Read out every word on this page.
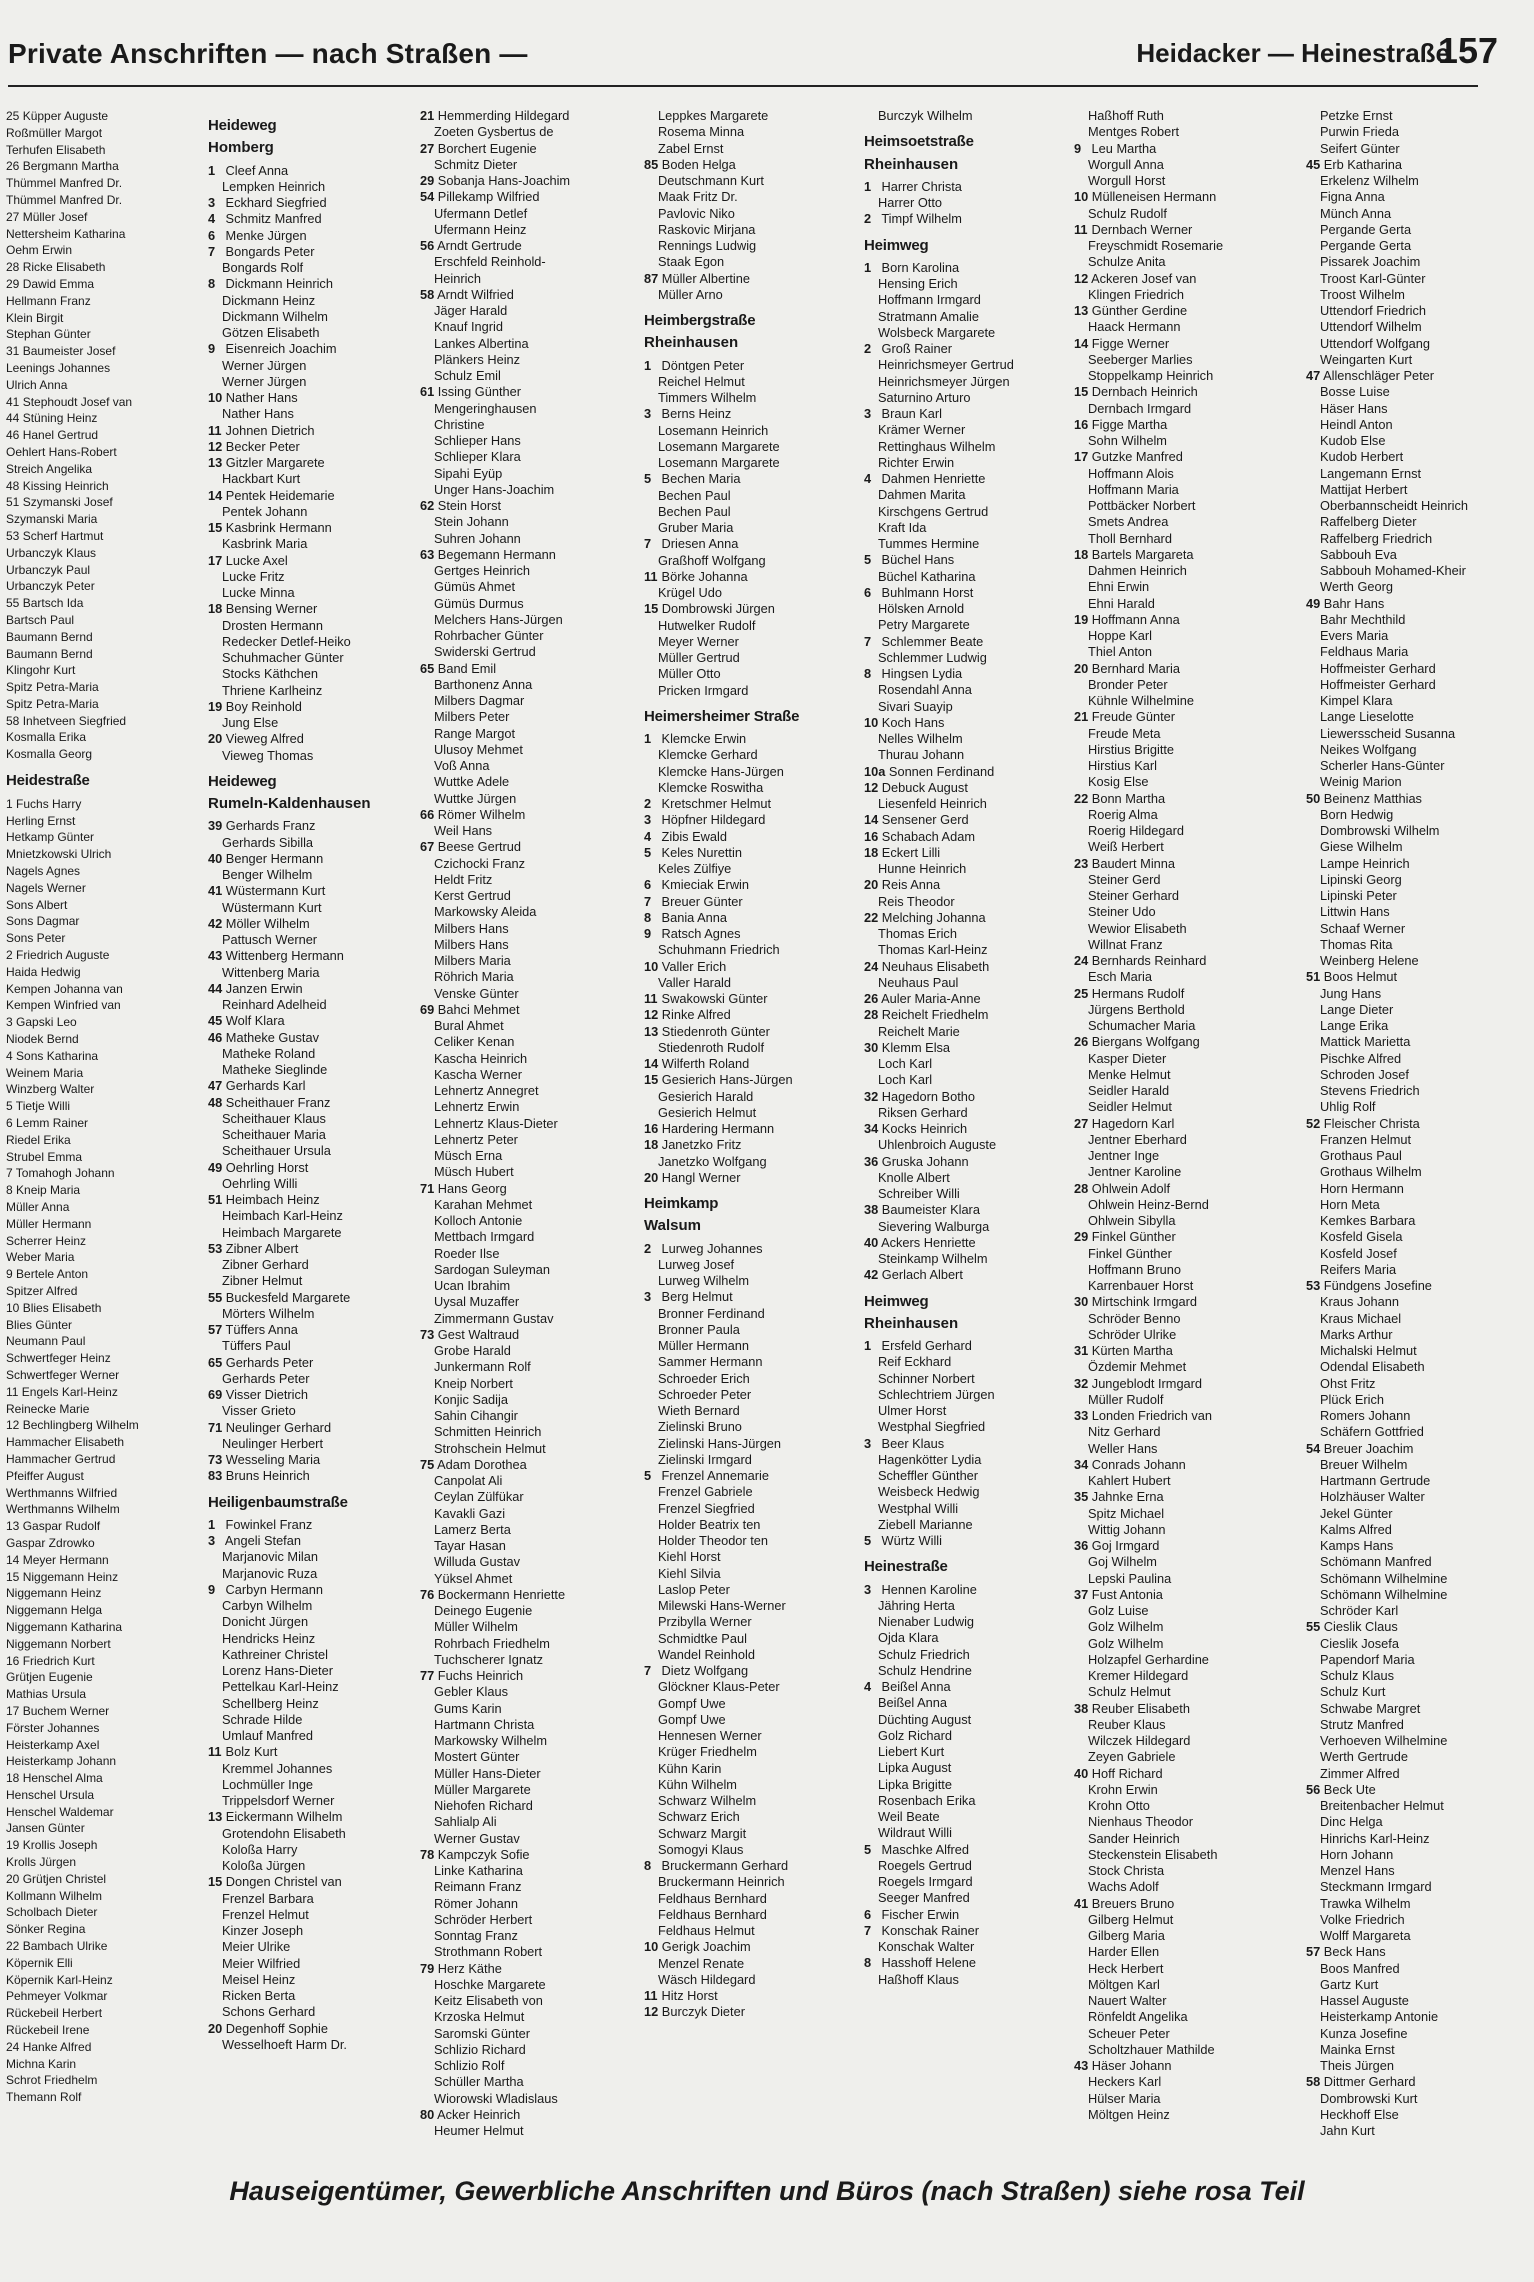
Private Anschriften — nach Straßen —	Heidacker — Heinestraße
157
25 Küpper Auguste
Roßmüller Margot
Terhufen Elisabeth
26 Bergmann Martha
Thümmel Manfred Dr.
Thümmel Manfred Dr.
27 Müller Josef
Nettersheim Katharina
Oehm Erwin
28 Ricke Elisabeth
29 Dawid Emma
Hellmann Franz
Klein Birgit
Stephan Günter
31 Baumeister Josef
Leenings Johannes
Ulrich Anna
41 Stephoudt Josef van
44 Stüning Heinz
46 Hanel Gertrud
Oehlert Hans-Robert
Streich Angelika
48 Kissing Heinrich
51 Szymanski Josef
Szymanski Maria
53 Scherf Hartmut
Urbanczyk Klaus
Urbanczyk Paul
Urbanczyk Peter
55 Bartsch Ida
Bartsch Paul
Baumann Bernd
Baumann Bernd
Klingohr Kurt
Spitz Petra-Maria
Spitz Petra-Maria
58 Inhetveen Siegfried
Kosmalla Erika
Kosmalla Georg
Heidestraße
1 Fuchs Harry
Herling Ernst
Hetkamp Günter
Mnietzkowski Ulrich
Nagels Agnes
Nagels Werner
Sons Albert
Sons Dagmar
Sons Peter
2 Friedrich Auguste
Haida Hedwig
Kempen Johanna van
Kempen Winfried van
3 Gapski Leo
Niodek Bernd
4 Sons Katharina
Weinem Maria
Winzberg Walter
5 Tietje Willi
6 Lemm Rainer
Riedel Erika
Strubel Emma
7 Tomahogh Johann
8 Kneip Maria
Müller Anna
Müller Hermann
Scherrer Heinz
Weber Maria
9 Bertele Anton
Spitzer Alfred
10 Blies Elisabeth
Blies Günter
Neumann Paul
Schwertfeger Heinz
Schwertfeger Werner
11 Engels Karl-Heinz
Reinecke Marie
12 Bechlingberg Wilhelm
Hammacher Elisabeth
Hammacher Gertrud
Pfeiffer August
Werthmanns Wilfried
Werthmanns Wilhelm
13 Gaspar Rudolf
Gaspar Zdrowko
14 Meyer Hermann
15 Niggemann Heinz
Niggemann Heinz
Niggemann Helga
Niggemann Katharina
Niggemann Norbert
16 Friedrich Kurt
Grütjen Eugenie
Mathias Ursula
17 Buchem Werner
Förster Johannes
Heisterkamp Axel
Heisterkamp Johann
18 Henschel Alma
Henschel Ursula
Henschel Waldemar
Jansen Günter
19 Krollis Joseph
Krolls Jürgen
20 Grütjen Christel
Kollmann Wilhelm
Scholbach Dieter
Sönker Regina
22 Bambach Ulrike
Köpernik Elli
Köpernik Karl-Heinz
Pehmeyer Volkmar
Rückebeil Herbert
Rückebeil Irene
24 Hanke Alfred
Michna Karin
Schrot Friedhelm
Themann Rolf
Heideweg
Homberg
1 Cleef Anna
Lempken Heinrich
3 Eckhard Siegfried
4 Schmitz Manfred
6 Menke Jürgen
7 Bongards Peter
Bongards Rolf
8 Dickmann Heinrich
Dickmann Heinz
Dickmann Wilhelm
Götzen Elisabeth
9 Eisenreich Joachim
Werner Jürgen
Werner Jürgen
10 Nather Hans
Nather Hans
11 Johnen Dietrich
12 Becker Peter
13 Gitzler Margarete
Hackbart Kurt
14 Pentek Heidemarie
Pentek Johann
15 Kasbrink Hermann
Kasbrink Maria
17 Lucke Axel
Lucke Fritz
Lucke Minna
18 Bensing Werner
Drosten Hermann
Redecker Detlef-Heiko
Schuhmacher Günter
Stocks Käthchen
Thriene Karlheinz
19 Boy Reinhold
Jung Else
20 Vieweg Alfred
Vieweg Thomas
Heideweg
Rumeln-Kaldenhausen
39 Gerhards Franz
Gerhards Sibilla
40 Benger Hermann
Benger Wilhelm
41 Wüstermann Kurt
Wüstermann Kurt
42 Möller Wilhelm
Pattusch Werner
43 Wittenberg Hermann
Wittenberg Maria
44 Janzen Erwin
Reinhard Adelheid
45 Wolf Klara
46 Matheke Gustav
Matheke Roland
Matheke Sieglinde
47 Gerhards Karl
48 Scheithauer Franz
Scheithauer Klaus
Scheithauer Maria
Scheithauer Ursula
49 Oehrling Horst
Oehrling Willi
51 Heimbach Heinz
Heimbach Karl-Heinz
Heimbach Margarete
53 Zibner Albert
Zibner Gerhard
Zibner Helmut
55 Buckesfeld Margarete
Mörters Wilhelm
57 Tüffers Anna
Tüffers Paul
65 Gerhards Peter
Gerhards Peter
69 Visser Dietrich
Visser Grieto
71 Neulinger Gerhard
Neulinger Herbert
73 Wesseling Maria
83 Bruns Heinrich
Heiligenbaumstraße
1 Fowinkel Franz
3 Angeli Stefan
Marjanovic Milan
Marjanovic Ruza
9 Carbyn Hermann
Carbyn Wilhelm
Donicht Jürgen
Hendricks Heinz
Kathreiner Christel
Lorenz Hans-Dieter
Pettelkau Karl-Heinz
Schellberg Heinz
Schrade Hilde
Umlauf Manfred
11 Bolz Kurt
Kremmel Johannes
Lochmüller Inge
Trippelsdorf Werner
13 Eickermann Wilhelm
Grotendohn Elisabeth
Koloßa Harry
Koloßa Jürgen
15 Dongen Christel van
Frenzel Barbara
Frenzel Helmut
Kinzer Joseph
Meier Ulrike
Meier Wilfried
Meisel Heinz
Ricken Berta
Schons Gerhard
20 Degenhoff Sophie
Wesselhoeft Harm Dr.
21 Hemmerding Hildegard
Zoeten Gysbertus de
27 Borchert Eugenie
Schmitz Dieter
29 Sobanja Hans-Joachim
54 Pillekamp Wilfried
Ufermann Detlef
Ufermann Heinz
56 Arndt Gertrude
Erschfeld Reinhold-
Heinrich
58 Arndt Wilfried
Jäger Harald
Knauf Ingrid
Lankes Albertina
Plänkers Heinz
Schulz Emil
61 Issing Günther
Mengeringhausen
Christine
Schlieper Hans
Schlieper Klara
Sipahi Eyüp
Unger Hans-Joachim
62 Stein Horst
Stein Johann
Suhren Johann
63 Begemann Hermann
Gertges Heinrich
Gümüs Ahmet
Gümüs Durmus
Melchers Hans-Jürgen
Rohrbacher Günter
Swiderski Gertrud
65 Band Emil
Barthonenz Anna
Milbers Dagmar
Milbers Peter
Range Margot
Ulusoy Mehmet
Voß Anna
Wuttke Adele
Wuttke Jürgen
66 Römer Wilhelm
Weil Hans
67 Beese Gertrud
Czichocki Franz
Heldt Fritz
Kerst Gertrud
Markowsky Aleida
Milbers Hans
Milbers Hans
Milbers Maria
Röhrich Maria
Venske Günter
69 Bahci Mehmet
Bural Ahmet
Celiker Kenan
Kascha Heinrich
Kascha Werner
Lehnertz Annegret
Lehnertz Erwin
Lehnertz Klaus-Dieter
Lehnertz Peter
Müsch Erna
Müsch Hubert
71 Hans Georg
Karahan Mehmet
Kolloch Antonie
Mettbach Irmgard
Roeder Ilse
Sardogan Suleyman
Ucan Ibrahim
Uysal Muzaffer
Zimmermann Gustav
73 Gest Waltraud
Grobe Harald
Junkermann Rolf
Kneip Norbert
Konjic Sadija
Sahin Cihangir
Schmitten Heinrich
Strohschein Helmut
75 Adam Dorothea
Canpolat Ali
Ceylan Zülfükar
Kavakli Gazi
Lamerz Berta
Tayar Hasan
Willuda Gustav
Yüksel Ahmet
76 Bockermann Henriette
Deinego Eugenie
Müller Wilhelm
Rohrbach Friedhelm
Tuchscherer Ignatz
77 Fuchs Heinrich
Gebler Klaus
Gums Karin
Hartmann Christa
Markowsky Wilhelm
Mostert Günter
Müller Hans-Dieter
Müller Margarete
Niehofen Richard
Sahlialp Ali
Werner Gustav
78 Kampczyk Sofie
Linke Katharina
Reimann Franz
Römer Johann
Schröder Herbert
Sonntag Franz
Strothmann Robert
79 Herz Käthe
Hoschke Margarete
Keitz Elisabeth von
Krzoska Helmut
Saromski Günter
Schlizio Richard
Schlizio Rolf
Schüller Martha
Wiorowski Wladislaus
80 Acker Heinrich
Heumer Helmut
Leppkes Margarete
Rosema Minna
Zabel Ernst
85 Boden Helga
Deutschmann Kurt
Maak Fritz Dr.
Pavlovic Niko
Raskovic Mirjana
Rennings Ludwig
Staak Egon
87 Müller Albertine
Müller Arno
Heimbergstraße
Rheinhausen
1 Döntgen Peter
Reichel Helmut
Timmers Wilhelm
3 Berns Heinz
Losemann Heinrich
Losemann Margarete
Losemann Margarete
5 Bechen Maria
Bechen Paul
Bechen Paul
Gruber Maria
7 Driesen Anna
Graßhoff Wolfgang
11 Börke Johanna
Krügel Udo
15 Dombrowski Jürgen
Hutwelker Rudolf
Meyer Werner
Müller Gertrud
Müller Otto
Pricken Irmgard
Heimersheimer Straße
1 Klemcke Erwin
Klemcke Gerhard
Klemcke Hans-Jürgen
Klemcke Roswitha
2 Kretschmer Helmut
3 Höpfner Hildegard
4 Zibis Ewald
5 Keles Nurettin
Keles Zülfiye
6 Kmieciak Erwin
7 Breuer Günter
8 Bania Anna
9 Ratsch Agnes
Schuhmann Friedrich
10 Valler Erich
Valler Harald
11 Swakowski Günter
12 Rinke Alfred
13 Stiedenroth Günter
Stiedenroth Rudolf
14 Wilferth Roland
15 Gesierich Hans-Jürgen
Gesierich Harald
Gesierich Helmut
16 Hardering Hermann
18 Janetzko Fritz
Janetzko Wolfgang
20 Hangl Werner
Heimkamp
Walsum
2 Lurweg Johannes
Lurweg Josef
Lurweg Wilhelm
3 Berg Helmut
Bronner Ferdinand
Bronner Paula
Müller Hermann
Sammer Hermann
Schroeder Erich
Schroeder Peter
Wieth Bernard
Zielinski Bruno
Zielinski Hans-Jürgen
Zielinski Irmgard
5 Frenzel Annemarie
Frenzel Gabriele
Frenzel Siegfried
Holder Beatrix ten
Holder Theodor ten
Kiehl Horst
Kiehl Silvia
Laslop Peter
Milewski Hans-Werner
Przibylla Werner
Schmidtke Paul
Wandel Reinhold
7 Dietz Wolfgang
Glöckner Klaus-Peter
Gompf Uwe
Gompf Uwe
Hennesen Werner
Krüger Friedhelm
Kühn Karin
Kühn Wilhelm
Schwarz Wilhelm
Schwarz Erich
Schwarz Margit
Somogyi Klaus
8 Bruckermann Gerhard
Bruckermann Heinrich
Feldhaus Bernhard
Feldhaus Bernhard
Feldhaus Helmut
10 Gerigk Joachim
Menzel Renate
Wäsch Hildegard
11 Hitz Horst
12 Burczyk Dieter
Burczyk Wilhelm
Heimsoetstraße
Rheinhausen
1 Harrer Christa
Harrer Otto
2 Timpf Wilhelm
Heimweg
1 Born Karolina
Hensing Erich
Hoffmann Irmgard
Stratmann Amalie
Wolsbeck Margarete
2 Groß Rainer
Heinrichsmeyer Gertrud
Heinrichsmeyer Jürgen
Saturnino Arturo
3 Braun Karl
Krämer Werner
Rettinghaus Wilhelm
Richter Erwin
4 Dahmen Henriette
Dahmen Marita
Kirschgens Gertrud
Kraft Ida
Tummes Hermine
5 Büchel Hans
Büchel Katharina
6 Buhlmann Horst
Hölsken Arnold
Petry Margarete
7 Schlemmer Beate
Schlemmer Ludwig
8 Hingsen Lydia
Rosendahl Anna
Sivari Suayip
10 Koch Hans
Nelles Wilhelm
Thurau Johann
10a Sonnen Ferdinand
12 Debuck August
Liesenfeld Heinrich
14 Sensener Gerd
16 Schabach Adam
18 Eckert Lilli
Hunne Heinrich
20 Reis Anna
Reis Theodor
22 Melching Johanna
Thomas Erich
Thomas Karl-Heinz
24 Neuhaus Elisabeth
Neuhaus Paul
26 Auler Maria-Anne
28 Reichelt Friedhelm
Reichelt Marie
30 Klemm Elsa
Loch Karl
Loch Karl
32 Hagedorn Botho
Riksen Gerhard
34 Kocks Heinrich
Uhlenbroich Auguste
36 Gruska Johann
Knolle Albert
Schreiber Willi
38 Baumeister Klara
Sievering Walburga
40 Ackers Henriette
Steinkamp Wilhelm
42 Gerlach Albert
Heimweg
Rheinhausen
1 Ersfeld Gerhard
Reif Eckhard
Schinner Norbert
Schlechtriem Jürgen
Ulmer Horst
Westphal Siegfried
3 Beer Klaus
Hagenkötter Lydia
Scheffler Günther
Weisbeck Hedwig
Westphal Willi
Ziebell Marianne
5 Würtz Willi
Heinestraße
3 Hennen Karoline
Jähring Herta
Nienaber Ludwig
Ojda Klara
Schulz Friedrich
Schulz Hendrine
4 Beißel Anna
Beißel Anna
Düchting August
Golz Richard
Liebert Kurt
Lipka August
Lipka Brigitte
Rosenbach Erika
Weil Beate
Wildraut Willi
5 Maschke Alfred
Roegels Gertrud
Roegels Irmgard
Seeger Manfred
6 Fischer Erwin
7 Konschak Rainer
Konschak Walter
8 Hasshoff Helene
Haßhoff Klaus
Haßhoff Ruth
Mentges Robert
9 Leu Martha
Worgull Anna
Worgull Horst
10 Mülleneisen Hermann
Schulz Rudolf
11 Dernbach Werner
Freyschmidt Rosemarie
Schulze Anita
12 Ackeren Josef van
Klingen Friedrich
13 Günther Gerdine
Haack Hermann
14 Figge Werner
Seeberger Marlies
Stoppelkamp Heinrich
15 Dernbach Heinrich
Dernbach Irmgard
16 Figge Martha
Sohn Wilhelm
17 Gutzke Manfred
Hoffmann Alois
Hoffmann Maria
Pottbäcker Norbert
Smets Andrea
Tholl Bernhard
18 Bartels Margareta
Dahmen Heinrich
Ehni Erwin
Ehni Harald
19 Hoffmann Anna
Hoppe Karl
Thiel Anton
20 Bernhard Maria
Bronder Peter
Kühnle Wilhelmine
21 Freude Günter
Freude Meta
Hirstius Brigitte
Hirstius Karl
Kosig Else
22 Bonn Martha
Roerig Alma
Roerig Hildegard
Weiß Herbert
23 Baudert Minna
Steiner Gerd
Steiner Gerhard
Steiner Udo
Wewior Elisabeth
Willnat Franz
24 Bernhards Reinhard
Esch Maria
25 Hermans Rudolf
Jürgens Berthold
Schumacher Maria
26 Biergans Wolfgang
Kasper Dieter
Menke Helmut
Seidler Harald
Seidler Helmut
27 Hagedorn Karl
Jentner Eberhard
Jentner Inge
Jentner Karoline
28 Ohlwein Adolf
Ohlwein Heinz-Bernd
Ohlwein Sibylla
29 Finkel Günther
Finkel Günther
Hoffmann Bruno
Karrenbauer Horst
30 Mirtschink Irmgard
Schröder Benno
Schröder Ulrike
31 Kürten Martha
Özdemir Mehmet
32 Jungeblodt Irmgard
Müller Rudolf
33 Londen Friedrich van
Nitz Gerhard
Weller Hans
34 Conrads Johann
Kahlert Hubert
35 Jahnke Erna
Spitz Michael
Wittig Johann
36 Goj Irmgard
Goj Wilhelm
Lepski Paulina
37 Fust Antonia
Golz Luise
Golz Wilhelm
Golz Wilhelm
Holzapfel Gerhardine
Kremer Hildegard
Schulz Helmut
38 Reuber Elisabeth
Reuber Klaus
Wilczek Hildegard
Zeyen Gabriele
40 Hoff Richard
Krohn Erwin
Krohn Otto
Nienhaus Theodor
Sander Heinrich
Steckenstein Elisabeth
Stock Christa
Wachs Adolf
41 Breuers Bruno
Gilberg Helmut
Gilberg Maria
Harder Ellen
Heck Herbert
Möltgen Karl
Nauert Walter
Rönfeldt Angelika
Scheuer Peter
Scholtzhauer Mathilde
43 Häser Johann
Heckers Karl
Hülser Maria
Möltgen Heinz
Petzke Ernst
Purwin Frieda
Seifert Günter
45 Erb Katharina
Erkelenz Wilhelm
Figna Anna
Münch Anna
Pergande Gerta
Pergande Gerta
Pissarek Joachim
Troost Karl-Günter
Troost Wilhelm
Uttendorf Friedrich
Uttendorf Wilhelm
Uttendorf Wolfgang
Weingarten Kurt
47 Allenschläger Peter
Bosse Luise
Häser Hans
Heindl Anton
Kudob Else
Kudob Herbert
Langemann Ernst
Mattijat Herbert
Oberbannscheidt Heinrich
Raffelberg Dieter
Raffelberg Friedrich
Sabbouh Eva
Sabbouh Mohamed-Kheir
Werth Georg
49 Bahr Hans
Bahr Mechthild
Evers Maria
Feldhaus Maria
Hoffmeister Gerhard
Hoffmeister Gerhard
Kimpel Klara
Lange Lieselotte
Liewersscheid Susanna
Neikes Wolfgang
Scherler Hans-Günter
Weinig Marion
50 Beinenz Matthias
Born Hedwig
Dombrowski Wilhelm
Giese Wilhelm
Lampe Heinrich
Lipinski Georg
Lipinski Peter
Littwin Hans
Schaaf Werner
Thomas Rita
Weinberg Helene
51 Boos Helmut
Jung Hans
Lange Dieter
Lange Erika
Mattick Marietta
Pischke Alfred
Schroden Josef
Stevens Friedrich
Uhlig Rolf
52 Fleischer Christa
Franzen Helmut
Grothaus Paul
Grothaus Wilhelm
Horn Hermann
Horn Meta
Kemkes Barbara
Kosfeld Gisela
Kosfeld Josef
Reifers Maria
53 Fündgens Josefine
Kraus Johann
Kraus Michael
Marks Arthur
Michalski Helmut
Odendal Elisabeth
Ohst Fritz
Plück Erich
Romers Johann
Schäfern Gottfried
54 Breuer Joachim
Breuer Wilhelm
Hartmann Gertrude
Holzhäuser Walter
Jekel Günter
Kalms Alfred
Kamps Hans
Schömann Manfred
Schömann Wilhelmine
Schömann Wilhelmine
Schröder Karl
55 Cieslik Claus
Cieslik Josefa
Papendorf Maria
Schulz Klaus
Schulz Kurt
Schwabe Margret
Strutz Manfred
Verhoeven Wilhelmine
Werth Gertrude
Zimmer Alfred
56 Beck Ute
Breitenbacher Helmut
Dinc Helga
Hinrichs Karl-Heinz
Horn Johann
Menzel Hans
Steckmann Irmgard
Trawka Wilhelm
Volke Friedrich
Wolff Margareta
57 Beck Hans
Boos Manfred
Gartz Kurt
Hassel Auguste
Heisterkamp Antonie
Kunza Josefine
Mainka Ernst
Theis Jürgen
58 Dittmer Gerhard
Dombrowski Kurt
Heckhoff Else
Jahn Kurt
Hauseigentümer, Gewerbliche Anschriften und Büros (nach Straßen) siehe rosa Teil
